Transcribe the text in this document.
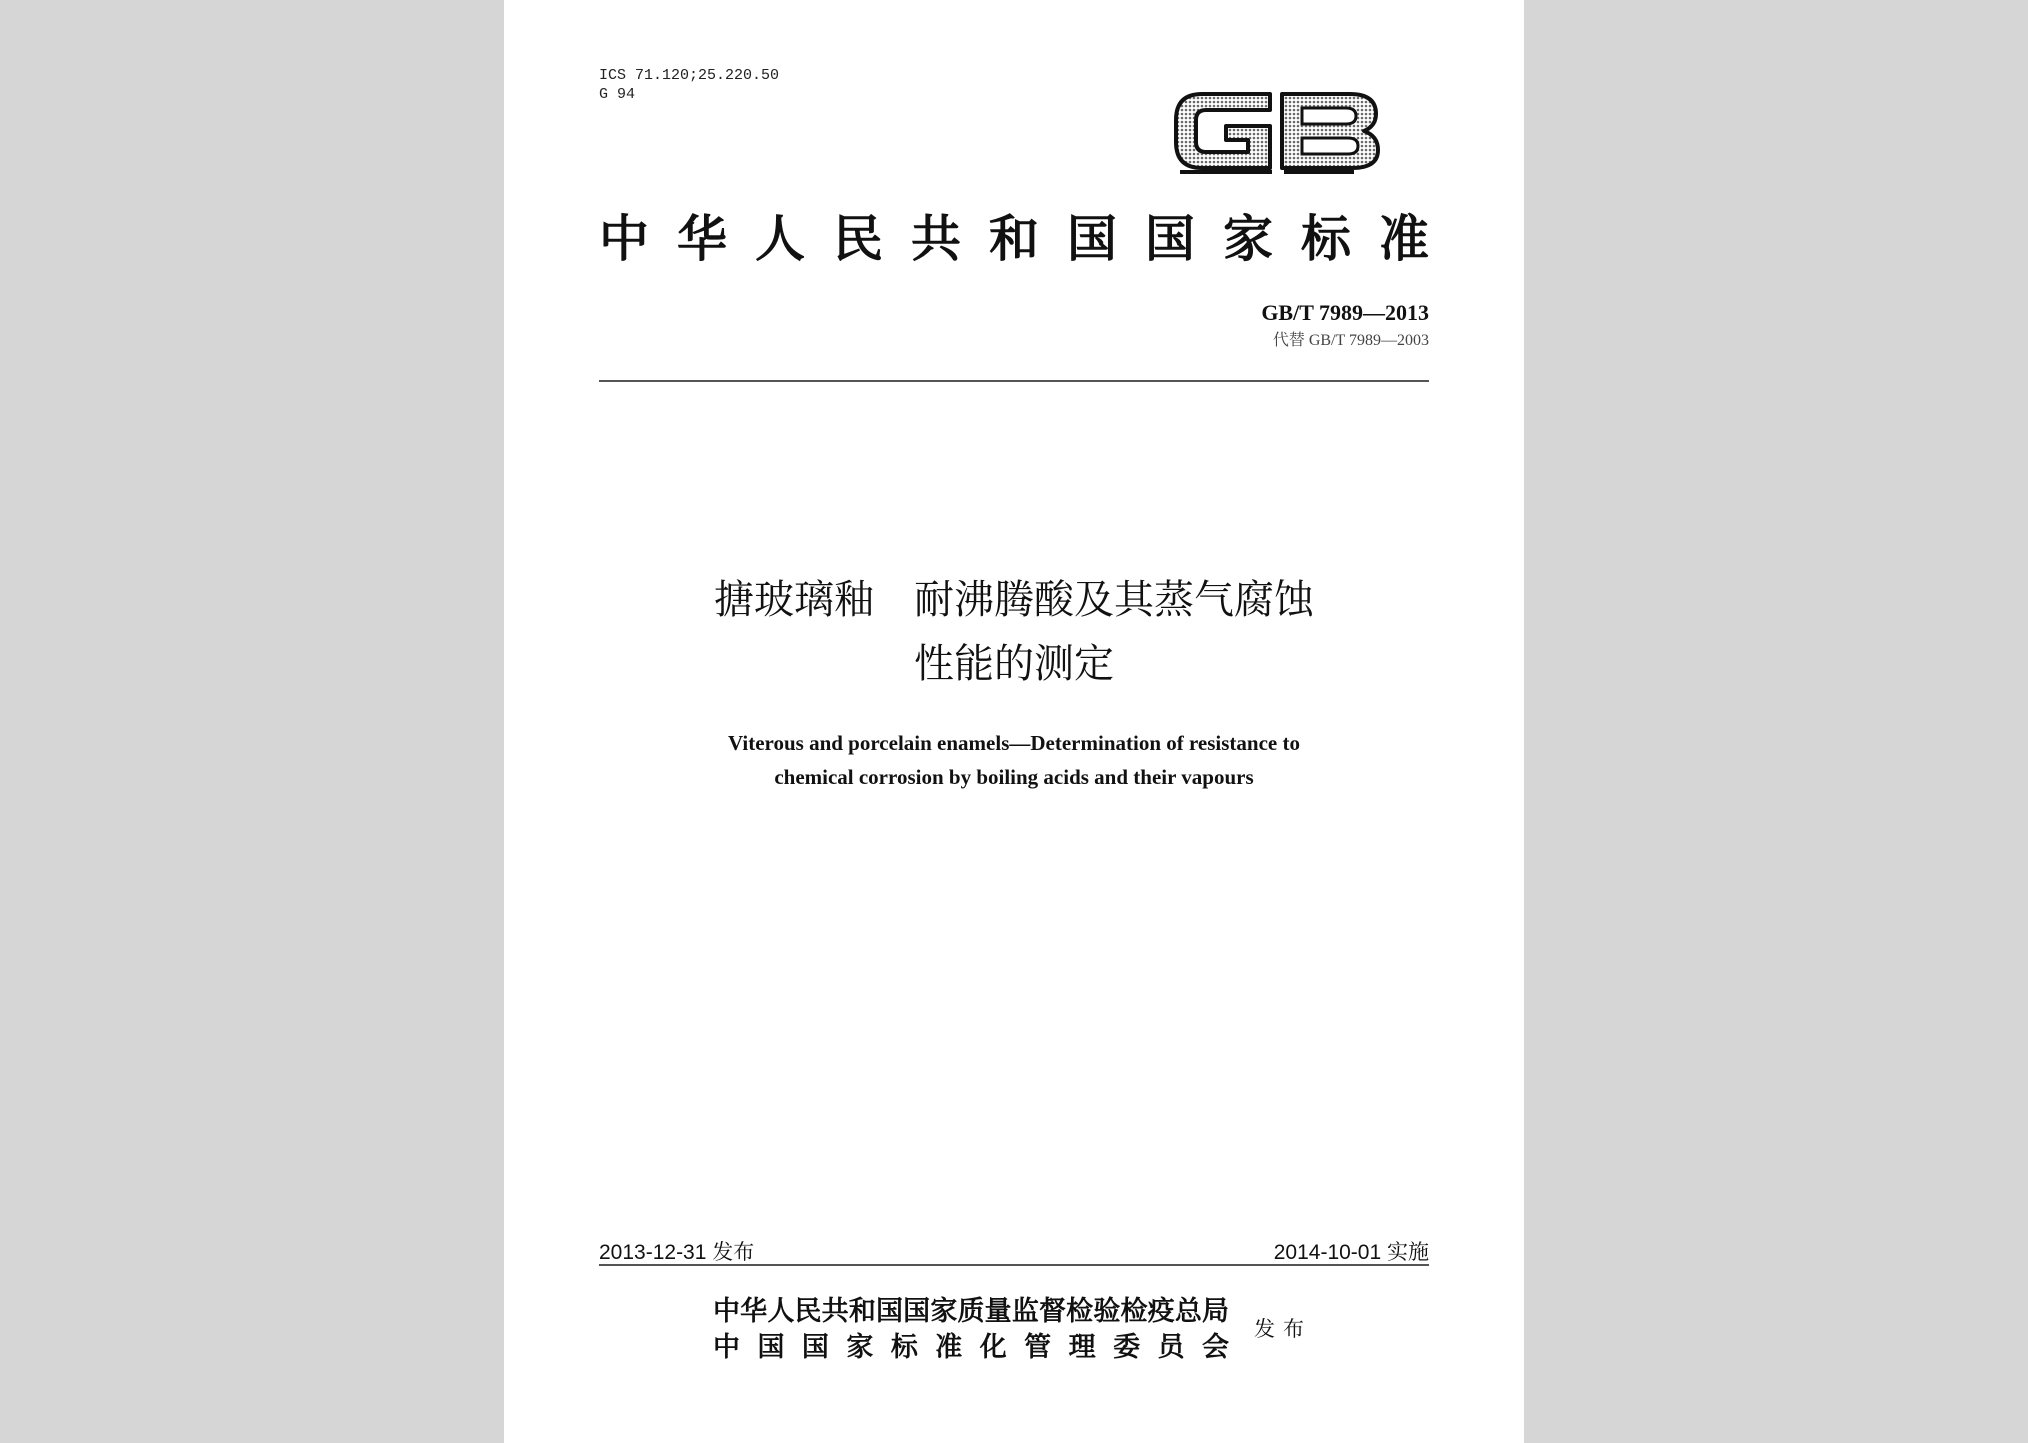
ICS 71.120;25.220.50
G 94
中华人民共和国国家标准
GB/T 7989—2013
代替 GB/T 7989—2003
搪玻璃釉　耐沸腾酸及其蒸气腐蚀
性能的测定
Viterous and porcelain enamels—Determination of resistance to
chemical corrosion by boiling acids and their vapours
2013-12-31 发布	2014-10-01 实施
中华人民共和国国家质量监督检验检疫总局
中国国家标准化管理委员会
发布
